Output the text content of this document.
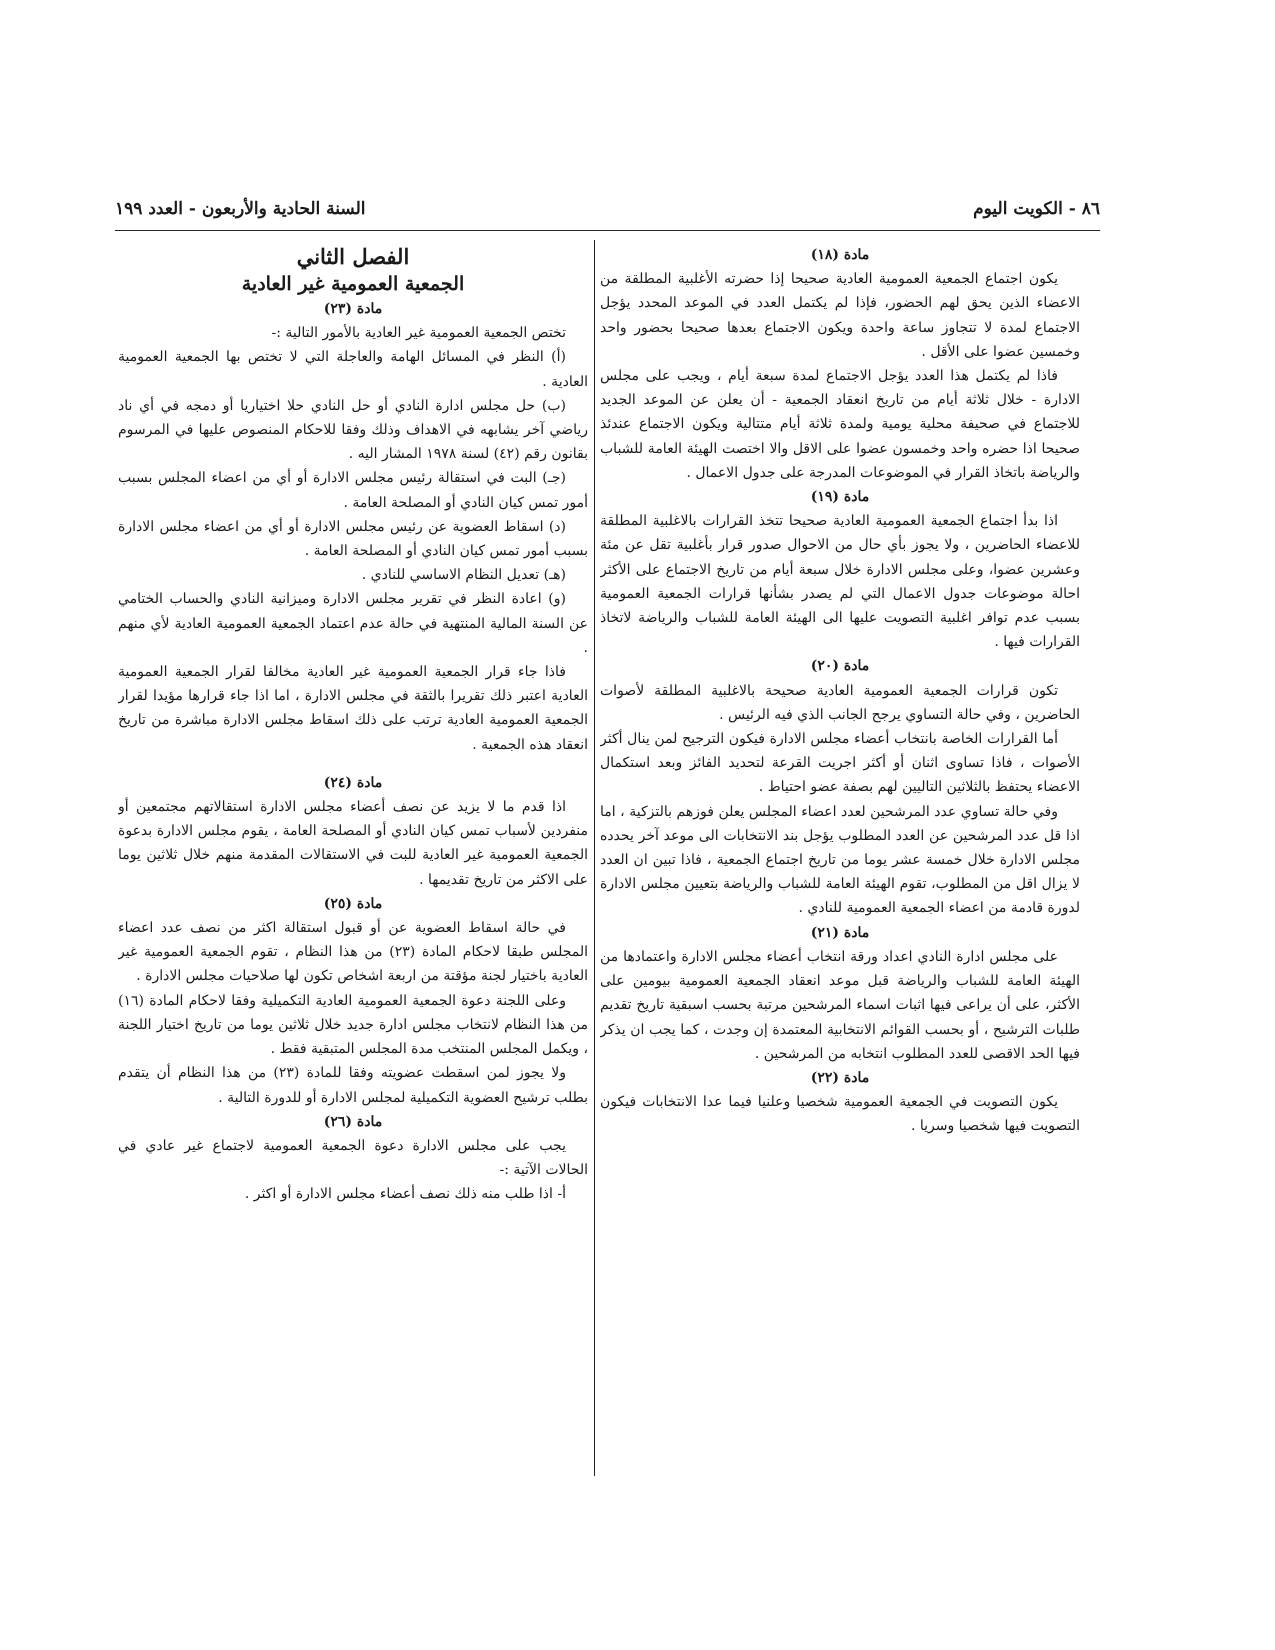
٨٦ - الكويت اليوم
السنة الحادية والأربعون - العدد ١٩٩

مادة (١٨)

يكون اجتماع الجمعية العمومية العادية صحيحا إذا حضرته الأغلبية المطلقة من الاعضاء الذين يحق لهم الحضور، فإذا لم يكتمل العدد في الموعد المحدد يؤجل الاجتماع لمدة لا تتجاوز ساعة واحدة ويكون الاجتماع بعدها صحيحا بحضور واحد وخمسين عضوا على الأقل .

فاذا لم يكتمل هذا العدد يؤجل الاجتماع لمدة سبعة أيام ، ويجب على مجلس الادارة - خلال ثلاثة أيام من تاريخ انعقاد الجمعية - أن يعلن عن الموعد الجديد للاجتماع في صحيفة محلية يومية ولمدة ثلاثة أيام متتالية ويكون الاجتماع عندئذ صحيحا اذا حضره واحد وخمسون عضوا على الاقل والا اختصت الهيئة العامة للشباب والرياضة باتخاذ القرار في الموضوعات المدرجة على جدول الاعمال .

مادة (١٩)

اذا بدأ اجتماع الجمعية العمومية العادية صحيحا تتخذ القرارات بالاغلبية المطلقة للاعضاء الحاضرين ، ولا يجوز بأي حال من الاحوال صدور قرار بأغلبية تقل عن مئة وعشرين عضوا، وعلى مجلس الادارة خلال سبعة أيام من تاريخ الاجتماع على الأكثر احالة موضوعات جدول الاعمال التي لم يصدر بشأنها قرارات الجمعية العمومية بسبب عدم توافر اغلبية التصويت عليها الى الهيئة العامة للشباب والرياضة لاتخاذ القرارات فيها .

مادة (٢٠)

تكون قرارات الجمعية العمومية العادية صحيحة بالاغلبية المطلقة لأصوات الحاضرين ، وفي حالة التساوي يرجح الجانب الذي فيه الرئيس .

أما القرارات الخاصة بانتخاب أعضاء مجلس الادارة فيكون الترجيح لمن ينال أكثر الأصوات ، فاذا تساوى اثنان أو أكثر اجريت القرعة لتحديد الفائز وبعد استكمال الاعضاء يحتفظ بالثلاثين التاليين لهم بصفة عضو احتياط .

وفي حالة تساوي عدد المرشحين لعدد اعضاء المجلس يعلن فوزهم بالتزكية ، اما اذا قل عدد المرشحين عن العدد المطلوب يؤجل بند الانتخابات الى موعد آخر يحدده مجلس الادارة خلال خمسة عشر يوما من تاريخ اجتماع الجمعية ، فاذا تبين ان العدد لا يزال اقل من المطلوب، تقوم الهيئة العامة للشباب والرياضة بتعيين مجلس الادارة لدورة قادمة من اعضاء الجمعية العمومية للنادي .

مادة (٢١)

على مجلس ادارة النادي اعداد ورقة انتخاب أعضاء مجلس الادارة واعتمادها من الهيئة العامة للشباب والرياضة قبل موعد انعقاد الجمعية العمومية بيومين على الأكثر، على أن يراعى فيها اثبات اسماء المرشحين مرتبة بحسب اسبقية تاريخ تقديم طلبات الترشيح ، أو بحسب القوائم الانتخابية المعتمدة إن وجدت ، كما يجب ان يذكر فيها الحد الاقصى للعدد المطلوب انتخابه من المرشحين .

مادة (٢٢)

يكون التصويت في الجمعية العمومية شخصيا وعلنيا فيما عدا الانتخابات فيكون التصويت فيها شخصيا وسريا .

الفصل الثاني

الجمعية العمومية غير العادية

مادة (٢٣)

تختص الجمعية العمومية غير العادية بالأمور التالية :-

(أ) النظر في المسائل الهامة والعاجلة التي لا تختص بها الجمعية العمومية العادية .

(ب) حل مجلس ادارة النادي أو حل النادي حلا اختياريا أو دمجه في أي ناد رياضي آخر يشابهه في الاهداف وذلك وفقا للاحكام المنصوص عليها في المرسوم بقانون رقم (٤٢) لسنة ١٩٧٨ المشار اليه .

(جـ) البت في استقالة رئيس مجلس الادارة أو أي من اعضاء المجلس بسبب أمور تمس كيان النادي أو المصلحة العامة .

(د) اسقاط العضوية عن رئيس مجلس الادارة أو أي من اعضاء مجلس الادارة بسبب أمور تمس كيان النادي أو المصلحة العامة .

(هـ) تعديل النظام الاساسي للنادي .

(و) اعادة النظر في تقرير مجلس الادارة وميزانية النادي والحساب الختامي عن السنة المالية المنتهية في حالة عدم اعتماد الجمعية العمومية العادية لأي منهم .

فاذا جاء قرار الجمعية العمومية غير العادية مخالفا لقرار الجمعية العمومية العادية اعتبر ذلك تقريرا بالثقة في مجلس الادارة ، اما اذا جاء قرارها مؤيدا لقرار الجمعية العمومية العادية ترتب على ذلك اسقاط مجلس الادارة مباشرة من تاريخ انعقاد هذه الجمعية .

مادة (٢٤)

اذا قدم ما لا يزيد عن نصف أعضاء مجلس الادارة استقالاتهم مجتمعين أو منفردين لأسباب تمس كيان النادي أو المصلحة العامة ، يقوم مجلس الادارة بدعوة الجمعية العمومية غير العادية للبت في الاستقالات المقدمة منهم خلال ثلاثين يوما على الاكثر من تاريخ تقديمها .

مادة (٢٥)

في حالة اسقاط العضوية عن أو قبول استقالة اكثر من نصف عدد اعضاء المجلس طبقا لاحكام المادة (٢٣) من هذا النظام ، تقوم الجمعية العمومية غير العادية باختيار لجنة مؤقتة من اربعة اشخاص تكون لها صلاحيات مجلس الادارة .

وعلى اللجنة دعوة الجمعية العمومية العادية التكميلية وفقا لاحكام المادة (١٦) من هذا النظام لانتخاب مجلس ادارة جديد خلال ثلاثين يوما من تاريخ اختيار اللجنة ، ويكمل المجلس المنتخب مدة المجلس المتبقية فقط .

ولا يجوز لمن اسقطت عضويته وفقا للمادة (٢٣) من هذا النظام أن يتقدم بطلب ترشيح العضوية التكميلية لمجلس الادارة أو للدورة التالية .

مادة (٢٦)

يجب على مجلس الادارة دعوة الجمعية العمومية لاجتماع غير عادي في الحالات الآتية :-

أ- اذا طلب منه ذلك نصف أعضاء مجلس الادارة أو اكثر .
